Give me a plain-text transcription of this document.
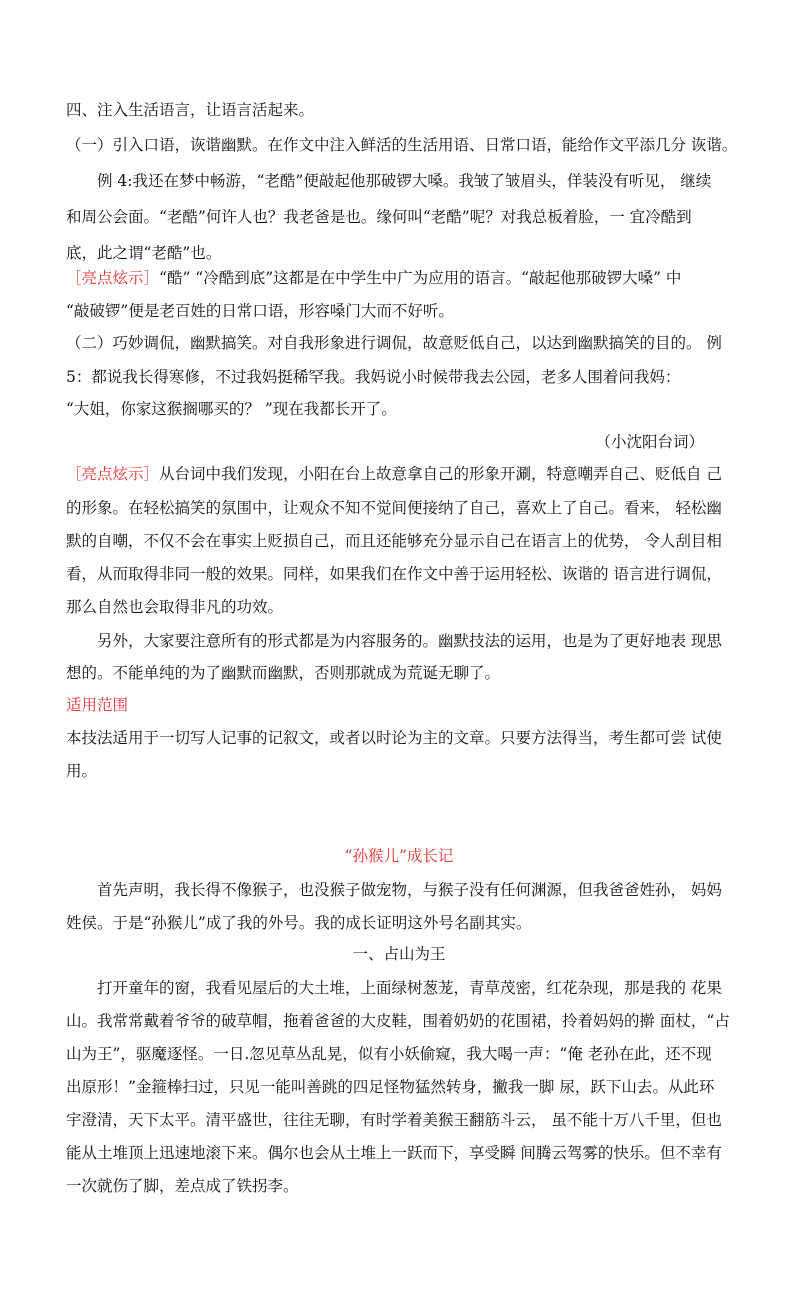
四、注入生活语言，让语言活起来。
（一）引入口语，诙谐幽默。在作文中注入鲜活的生活用语、日常口语，能给作文平添几分 诙谐。
　　例 4:我还在梦中畅游，“老酷”便敲起他那破锣大嗓。我皱了皱眉头，佯装没有听见， 继续
和周公会面。“老酷”何许人也？我老爸是也。缘何叫“老酷”呢？对我总板着脸，一 宜冷酷到
底，此之谓“老酷”也。
［亮点炫示］“酷” “冷酷到底”这都是在中学生中广为应用的语言。“敲起他那破锣大嗓” 中
“敲破锣”便是老百姓的日常口语，形容嗓门大而不好听。
（二）巧妙调侃，幽默搞笑。对自我形象进行调侃，故意贬低自己，以达到幽默搞笑的目的。 例
5：都说我长得寒修，不过我妈挺稀罕我。我妈说小时候带我去公园，老多人围着问我妈：
“大姐，你家这猴搁哪买的？ ”现在我都长开了。
（小沈阳台词）
［亮点炫示］从台词中我们发现，小阳在台上故意拿自己的形象开涮，特意嘲弄自己、贬低自 己
的形象。在轻松搞笑的氛围中，让观众不知不觉间便接纳了自己，喜欢上了自己。看来， 轻松幽
默的自嘲，不仅不会在事实上贬损自己，而且还能够充分显示自己在语言上的优势， 令人刮目相
看，从而取得非同一般的效果。同样，如果我们在作文中善于运用轻松、诙谐的 语言进行调侃，
那么自然也会取得非凡的功效。
　　另外，大家要注意所有的形式都是为内容服务的。幽默技法的运用，也是为了更好地表 现思
想的。不能单纯的为了幽默而幽默，否则那就成为荒诞无聊了。
适用范围
本技法适用于一切写人记事的记叙文，或者以时论为主的文章。只要方法得当，考生都可尝 试使
用。
“孙猴儿”成长记
　　首先声明，我长得不像猴子，也没猴子做宠物，与猴子没有任何渊源，但我爸爸姓孙， 妈妈
姓侯。于是“孙猴儿”成了我的外号。我的成长证明这外号名副其实。
一、占山为王
　　打开童年的窗，我看见屋后的大土堆，上面绿树葱茏，青草茂密，红花杂现，那是我的 花果
山。我常常戴着爷爷的破草帽，拖着爸爸的大皮鞋，围着奶奶的花围裙，拎着妈妈的擀 面杖，“占
山为王”，驱魔逐怪。一日.忽见草丛乱晃，似有小妖偷窥，我大喝一声：“俺 老孙在此，还不现
出原形！”金箍棒扫过，只见一能叫善跳的四足怪物猛然转身，撇我一脚 尿，跃下山去。从此环
宇澄清，天下太平。清平盛世，往往无聊，有时学着美猴王翻筋斗云， 虽不能十万八千里，但也
能从土堆顶上迅速地滚下来。偶尔也会从土堆上一跃而下，享受瞬 间腾云驾雾的快乐。但不幸有
一次就伤了脚，差点成了铁拐李。
